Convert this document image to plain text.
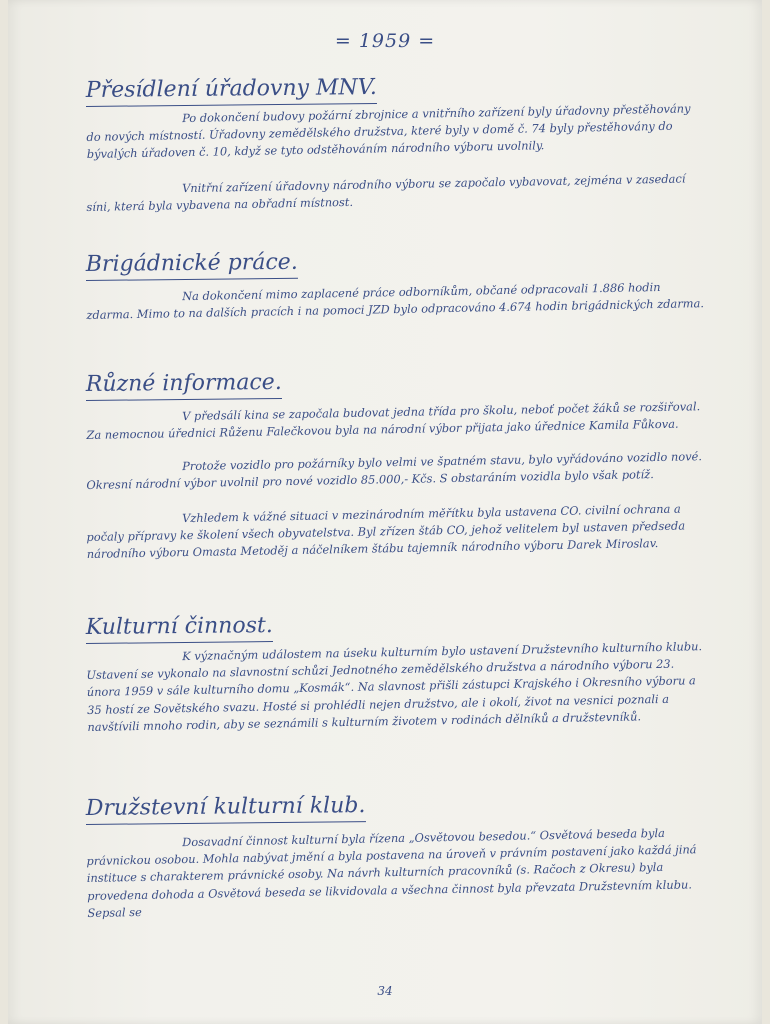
= 1959 =
Přesídlení úřadovny MNV.
Po dokončení budovy požární zbrojnice a vnitřního zařízení byly úřadovny přestěhovány do nových místností. Úřadovny zemědělského družstva, které byly v domě č. 74 byly přestěhovány do bývalých úřadoven č. 10, když se tyto odstěhováním národního výboru uvolnily.
Vnitřní zařízení úřadovny národního výboru se započalo vybavovat, zejména v zasedací síni, která byla vybavena na obřadní místnost.
Brigádnické práce.
Na dokončení mimo zaplacené práce odborníkům, občané odpracovali 1.886 hodin zdarma. Mimo to na dalších pracích i na pomoci JZD bylo odpracováno 4.674 hodin brigádnických zdarma.
Různé informace.
V předsálí kina se započala budovat jedna třída pro školu, neboť počet žáků se rozšiřoval. Za nemocnou úřednici Růženu Falečkovou byla na národní výbor přijata jako úřednice Kamila Fůkova.
Protože vozidlo pro požárníky bylo velmi ve špatném stavu, bylo vyřádováno vozidlo nové. Okresní národní výbor uvolnil pro nové vozidlo 85.000,- Kčs. S obstaráním vozidla bylo však potíž.
Vzhledem k vážné situaci v mezinárodním měřítku byla ustavena CO. civilní ochrana a počaly přípravy ke školení všech obyvatelstva. Byl zřízen štáb CO, jehož velitelem byl ustaven předseda národního výboru Omasta Metoděj a náčelníkem štábu tajemník národního výboru Darek Miroslav.
Kulturní činnost.
K význačným událostem na úseku kulturním bylo ustavení Družstevního kulturního klubu. Ustavení se vykonalo na slavnostní schůzi Jednotného zemědělského družstva a národního výboru 23. února 1959 v sále kulturního domu „Kosmák“. Na slavnost přišli zástupci Krajského i Okresního výboru a 35 hostí ze Sovětského svazu. Hosté si prohlédli nejen družstvo, ale i okolí, život na vesnici poznali a navštívili mnoho rodin, aby se seznámili s kulturním životem v rodinách dělníků a družstevníků.
Družstevní kulturní klub.
Dosavadní činnost kulturní byla řízena „Osvětovou besedou.“ Osvětová beseda byla právnickou osobou. Mohla nabývat jmění a byla postavena na úroveň v právním postavení jako každá jiná instituce s charakterem právnické osoby. Na návrh kulturních pracovníků (s. Račoch z Okresu) byla provedena dohoda a Osvětová beseda se likvidovala a všechna činnost byla převzata Družstevním klubu. Sepsal se
34
